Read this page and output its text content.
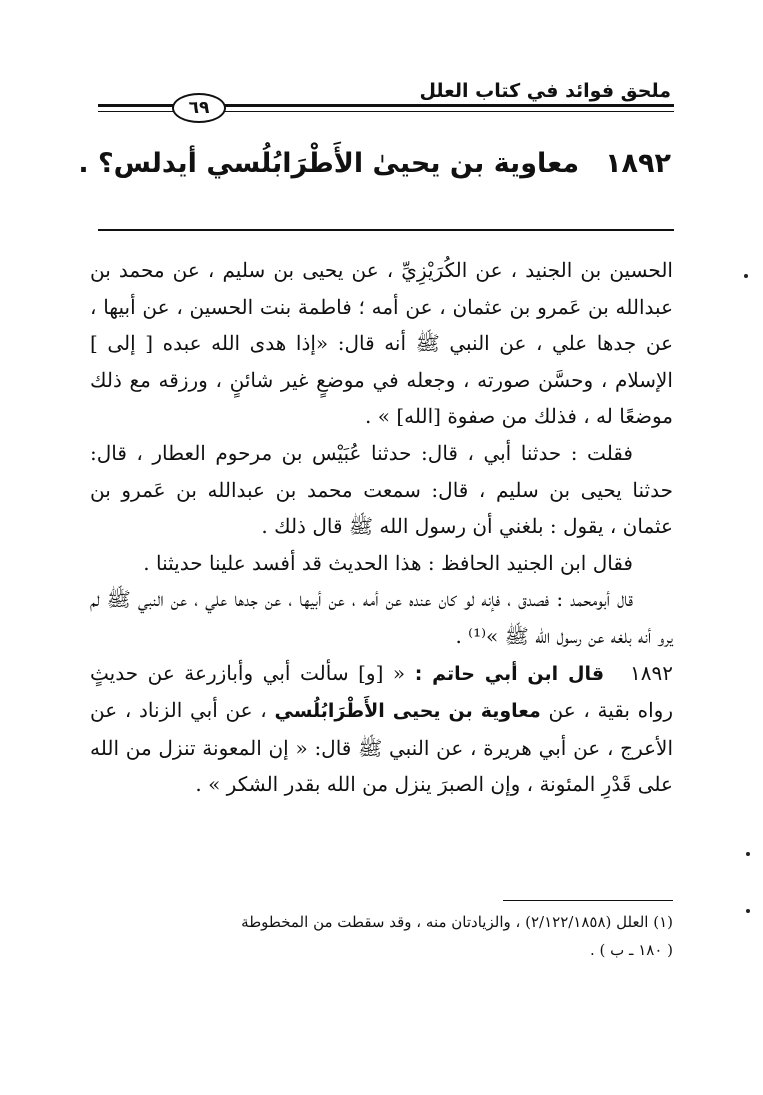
ملحق فوائد في كتاب العلل
٦٩
١٨٩٢معاوية بن يحيىٰ الأَطْرَابُلُسي أيدلس؟ .

الحسين بن الجنيد ، عن الكُرَيْزِيِّ ، عن يحيى بن سليم ، عن محمد بن عبدالله بن عَمرو بن عثمان ، عن أمه ؛ فاطمة بنت الحسين ، عن أبيها ، عن جدها علي ، عن النبي ﷺ أنه قال: «إذا هدى الله عبده [ إلى ] الإسلام ، وحسَّن صورته ، وجعله في موضعٍ غير شائنٍ ، ورزقه مع ذلك موضعًا له ، فذلك من صفوة [الله] » .

فقلت : حدثنا أبي ، قال: حدثنا عُبَيْس بن مرحوم العطار ، قال: حدثنا يحيى بن سليم ، قال: سمعت محمد بن عبدالله بن عَمرو بن عثمان ، يقول : بلغني أن رسول الله ﷺ قال ذلك .

فقال ابن الجنيد الحافظ : هذا الحديث قد أفسد علينا حديثنا .

قال أبومحمد : فصدق ، فإنه لو كان عنده عن أمه ، عن أبيها ، عن جدها علي ، عن النبي ﷺ لم يرو أنه بلغه عن رسول الله ﷺ »⁽¹⁾ .

١٨٩٢قال ابن أبي حاتم : « [و] سألت أبي وأبازرعة عن حديثٍ رواه بقية ، عن معاوية بن يحيى الأَطْرَابُلُسي ، عن أبي الزناد ، عن الأعرج ، عن أبي هريرة ، عن النبي ﷺ قال: « إن المعونة تنزل من الله على قَدْرِ المئونة ، وإن الصبرَ ينزل من الله بقدر الشكر » .

(١) العلل (٢/١٢٢/١٨٥٨) ، والزيادتان منه ، وقد سقطت من المخطوطة

( ١٨٠ ـ ب ) .
